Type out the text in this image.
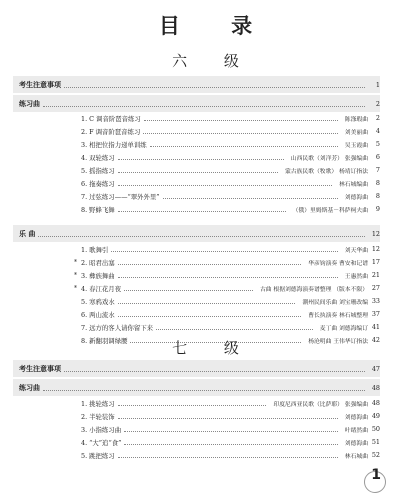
目 录
六 级
考生注意事项	1
练习曲	2
1. C 调音阶琶音练习	陈涤瑕曲	2
2. F 调音阶琶音练习	刘美丽曲	4
3. 相把位指力递单训练	吴玉霞曲	5
4. 双轮练习	山西民歌（刘洋芳） 张强编曲	6
5. 摇指练习	蒙古族民歌（牧歌） 杨靖订指法	7
6. 拖奏练习	林石城编曲	8
7. 过弦练习——“翠外外里”	刘德海曲	8
8. 野蜂飞舞	（俄）里姆斯基－科萨柯夫曲	9
乐 曲	12
1. 歌舞引	刘天华曲 12
* 2. 昭君出塞	华彦钧演奏 曹安和记谱 17
* 3. 彝族舞曲	王惠然曲 21
* 4. 春江花月夜	古曲 根据刘德海演奏谱整理 （版本不限） 27
5. 寒鸦戏水	潮州民间乐曲 刘宝珊改编 33
6. 两山流水	曹长执演奏 林石城整理 37
7. 远方的客人请你留下来	麦丁曲 刘德海编订 41
8. 新翻羽调绿腰	杨沧明曲 王伟华订指法 42
七 级
考生注意事项	47
练习曲	48
1. 挑轮练习	印度尼西亚民歌（比萨耶） 张强编曲 48
2. 半轮装饰	刘德海曲 49
3. 小指练习曲	叶绪然曲 50
4. “大”追“食”	刘德海曲 51
5. 跳把练习	林石城曲 52
1
